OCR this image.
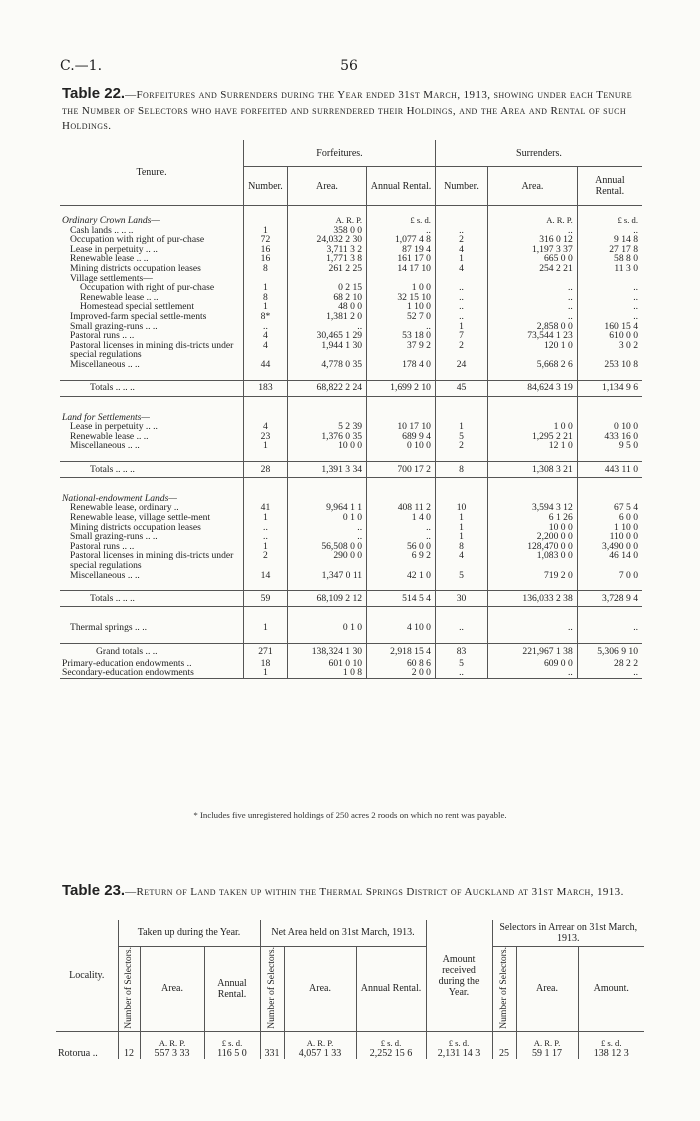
C.—1.	56
Table 22.—Forfeitures and Surrenders during the Year ended 31st March, 1913, showing under each Tenure the Number of Selectors who have forfeited and surrendered their Holdings, and the Area and Rental of such Holdings.
Tenure.	Forfeitures.			Surrenders.		
	Number.	Area.	Annual Rental.	Number.	Area.	Annual Rental.

Ordinary Crown Lands—		A. R. P.	£ s. d.		A. R. P.	£ s. d.
Cash lands .. .. ..	1	358 0 0	..	..	..	..
Occupation with right of pur-chase	72	24,032 2 30	1,077 4 8	2	316 0 12	9 14 8
Lease in perpetuity .. ..	16	3,711 3 2	87 19 4	4	1,197 3 37	27 17 8
Renewable lease .. ..	16	1,771 3 8	161 17 0	1	665 0 0	58 8 0
Mining districts occupation leases	8	261 2 25	14 17 10	4	254 2 21	11 3 0
Village settlements—						
Occupation with right of pur-chase	1	0 2 15	1 0 0	..	..	..
Renewable lease .. ..	8	68 2 10	32 15 10	..	..	..
Homestead special settlement	1	48 0 0	1 10 0	..	..	..
Improved-farm special settle-ments	8*	1,381 2 0	52 7 0	..	..	..
Small grazing-runs .. ..	..	..	..	1	2,858 0 0	160 15 4
Pastoral runs .. ..	4	30,465 1 29	53 18 0	7	73,544 1 23	610 0 0
Pastoral licenses in mining dis-tricts under special regulations	4	1,944 1 30	37 9 2	2	120 1 0	3 0 2
Miscellaneous .. ..	44	4,778 0 35	178 4 0	24	5,668 2 6	253 10 8

Totals .. .. ..	183	68,822 2 24	1,699 2 10	45	84,624 3 19	1,134 9 6

Land for Settlements—						
Lease in perpetuity .. ..	4	5 2 39	10 17 10	1	1 0 0	0 10 0
Renewable lease .. ..	23	1,376 0 35	689 9 4	5	1,295 2 21	433 16 0
Miscellaneous .. ..	1	10 0 0	0 10 0	2	12 1 0	9 5 0

Totals .. .. ..	28	1,391 3 34	700 17 2	8	1,308 3 21	443 11 0

National-endowment Lands—						
Renewable lease, ordinary ..	41	9,964 1 1	408 11 2	10	3,594 3 12	67 5 4
Renewable lease, village settle-ment	1	0 1 0	1 4 0	1	6 1 26	6 0 0
Mining districts occupation leases	..	..	..	1	10 0 0	1 10 0
Small grazing-runs .. ..	..	..	..	1	2,200 0 0	110 0 0
Pastoral runs .. ..	1	56,508 0 0	56 0 0	8	128,470 0 0	3,490 0 0
Pastoral licenses in mining dis-tricts under special regulations	2	290 0 0	6 9 2	4	1,083 0 0	46 14 0
Miscellaneous .. ..	14	1,347 0 11	42 1 0	5	719 2 0	7 0 0

Totals .. .. ..	59	68,109 2 12	514 5 4	30	136,033 2 38	3,728 9 4

Thermal springs .. ..	1	0 1 0	4 10 0	..	..	..

Grand totals .. ..	271	138,324 1 30	2,918 15 4	83	221,967 1 38	5,306 9 10
Primary-education endowments ..	18	601 0 10	60 8 6	5	609 0 0	28 2 2
Secondary-education endowments	1	1 0 8	2 0 0	..	..	..
* Includes five unregistered holdings of 250 acres 2 roods on which no rent was payable.
Table 23.—Return of Land taken up within the Thermal Springs District of Auckland at 31st March, 1913.
Locality.	Taken up during the Year.			Net Area held on 31st March, 1913.			Amount received during the Year.	Selectors in Arrear on 31st March, 1913.		
	Number of Selectors.	Area.	Annual Rental.	Number of Selectors.	Area.	Annual Rental.		Number of Selectors.	Area.	Amount.
		A. R. P.	£ s. d.		A. R. P.	£ s. d.	£ s. d.		A. R. P.	£ s. d.
Rotorua ..	12	557 3 33	116 5 0	331	4,057 1 33	2,252 15 6	2,131 14 3	25	59 1 17	138 12 3
